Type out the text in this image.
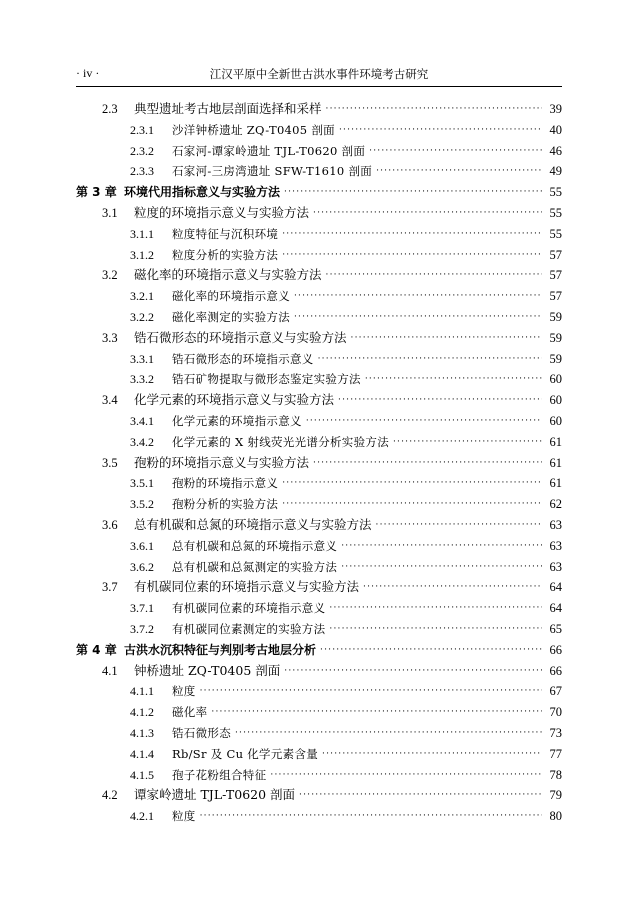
· iv ·	江汉平原中全新世古洪水事件环境考古研究
2.3	典型遗址考古地层剖面选择和采样 ·····	39
2.3.1	沙洋钟桥遗址 ZQ-T0405 剖面 ·····	40
2.3.2	石家河-谭家岭遗址 TJL-T0620 剖面 ·····	46
2.3.3	石家河-三房湾遗址 SFW-T1610 剖面 ·····	49
第 3 章 环境代用指标意义与实验方法 ·····	55
3.1	粒度的环境指示意义与实验方法 ·····	55
3.1.1	粒度特征与沉积环境 ·····	55
3.1.2	粒度分析的实验方法 ·····	57
3.2	磁化率的环境指示意义与实验方法 ·····	57
3.2.1	磁化率的环境指示意义 ·····	57
3.2.2	磁化率测定的实验方法 ·····	59
3.3	锆石微形态的环境指示意义与实验方法 ·····	59
3.3.1	锆石微形态的环境指示意义 ·····	59
3.3.2	锆石矿物提取与微形态鉴定实验方法 ·····	60
3.4	化学元素的环境指示意义与实验方法 ·····	60
3.4.1	化学元素的环境指示意义 ·····	60
3.4.2	化学元素的 X 射线荧光光谱分析实验方法 ·····	61
3.5	孢粉的环境指示意义与实验方法 ·····	61
3.5.1	孢粉的环境指示意义 ·····	61
3.5.2	孢粉分析的实验方法 ·····	62
3.6	总有机碳和总氮的环境指示意义与实验方法 ·····	63
3.6.1	总有机碳和总氮的环境指示意义 ·····	63
3.6.2	总有机碳和总氮测定的实验方法 ·····	63
3.7	有机碳同位素的环境指示意义与实验方法 ·····	64
3.7.1	有机碳同位素的环境指示意义 ·····	64
3.7.2	有机碳同位素测定的实验方法 ·····	65
第 4 章 古洪水沉积特征与判别考古地层分析 ·····	66
4.1	钟桥遗址 ZQ-T0405 剖面 ·····	66
4.1.1	粒度 ·····	67
4.1.2	磁化率 ·····	70
4.1.3	锆石微形态 ·····	73
4.1.4	Rb/Sr 及 Cu 化学元素含量 ·····	77
4.1.5	孢子花粉组合特征 ·····	78
4.2	谭家岭遗址 TJL-T0620 剖面 ·····	79
4.2.1	粒度 ·····	80
